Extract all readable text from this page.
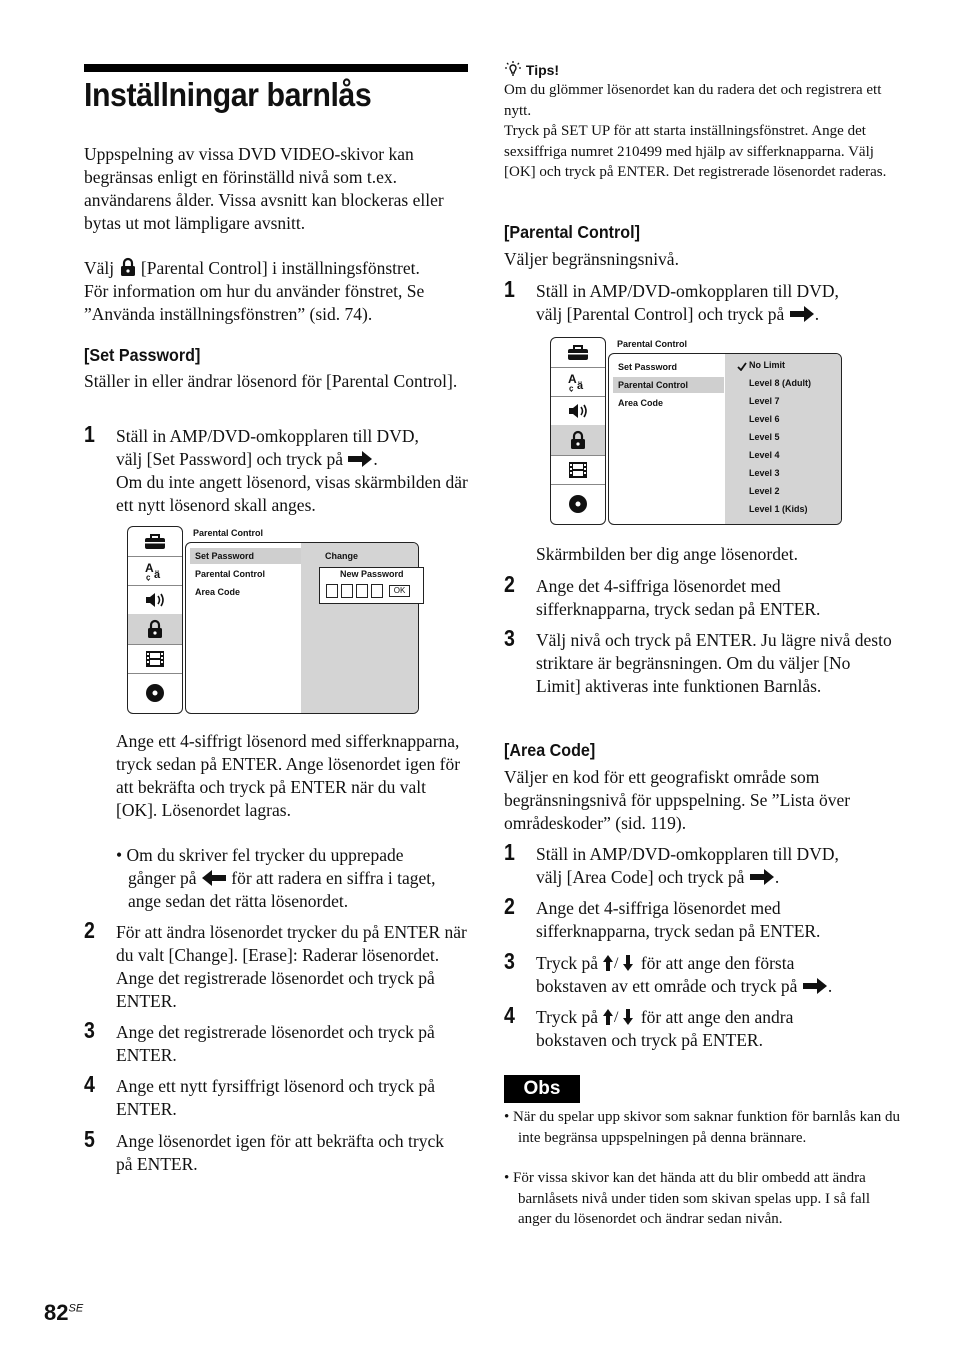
Inställningar barnlås
Uppspelning av vissa DVD VIDEO-skivor kan begränsas enligt en förinställd nivå som t.ex. användarens ålder. Vissa avsnitt kan blockeras eller bytas ut mot lämpligare avsnitt.
Välj [Parental Control] i inställningsfönstret.
För information om hur du använder fönstret, Se
”Använda inställningsfönstren” (sid. 74).
[Set Password]
Ställer in eller ändrar lösenord för [Parental Control].
1 Ställ in AMP/DVD-omkopplaren till DVD,
välj [Set Password] och tryck på .
Om du inte angett lösenord, visas skärmbilden där ett nytt lösenord skall anges.
A ä
ç
Parental Control
Set Password
Parental Control
Area Code
Change
New Password
OK
Ange ett 4-siffrigt lösenord med sifferknapparna, tryck sedan på ENTER. Ange lösenordet igen för att bekräfta och tryck på ENTER när du valt [OK]. Lösenordet lagras.
• Om du skriver fel trycker du upprepade
gånger på för att radera en siffra i taget,
ange sedan det rätta lösenordet.
2 För att ändra lösenordet trycker du på ENTER när du valt [Change]. [Erase]: Raderar lösenordet. Ange det registrerade lösenordet och tryck på ENTER.
3 Ange det registrerade lösenordet och tryck på ENTER.
4 Ange ett nytt fyrsiffrigt lösenord och tryck på ENTER.
5 Ange lösenordet igen för att bekräfta och tryck på ENTER.
$82^{SE}$
Tips!
Om du glömmer lösenordet kan du radera det och registrera ett nytt.
Tryck på SET UP för att starta inställningsfönstret. Ange det sexsiffriga numret 210499 med hjälp av sifferknapparna. Välj [OK] och tryck på ENTER. Det registrerade lösenordet raderas.
[Parental Control]
Väljer begränsningsnivå.
1 Ställ in AMP/DVD-omkopplaren till DVD,
välj [Parental Control] och tryck på .
A ä
ç
Parental Control
Set Password
Parental Control
Area Code
No Limit
Level 8 (Adult)
Level 7
Level 6
Level 5
Level 4
Level 3
Level 2
Level 1 (Kids)
Skärmbilden ber dig ange lösenordet.
2 Ange det 4-siffriga lösenordet med sifferknapparna, tryck sedan på ENTER.
3 Välj nivå och tryck på ENTER. Ju lägre nivå desto striktare är begränsningen. Om du väljer [No Limit] aktiveras inte funktionen Barnlås.
[Area Code]
Väljer en kod för ett geografiskt område som begränsningsnivå för uppspelning. Se ”Lista över områdeskoder” (sid. 119).
1 Ställ in AMP/DVD-omkopplaren till DVD,
välj [Area Code] och tryck på .
2 Ange det 4-siffriga lösenordet med sifferknapparna, tryck sedan på ENTER.
3 Tryck på / för att ange den första
bokstaven av ett område och tryck på .
4 Tryck på / för att ange den andra
bokstaven och tryck på ENTER.
Obs
• När du spelar upp skivor som saknar funktion för barnlås kan du inte begränsa uppspelningen på denna brännare.
• För vissa skivor kan det hända att du blir ombedd att ändra barnlåsets nivå under tiden som skivan spelas upp. I så fall anger du lösenordet och ändrar sedan nivån.
